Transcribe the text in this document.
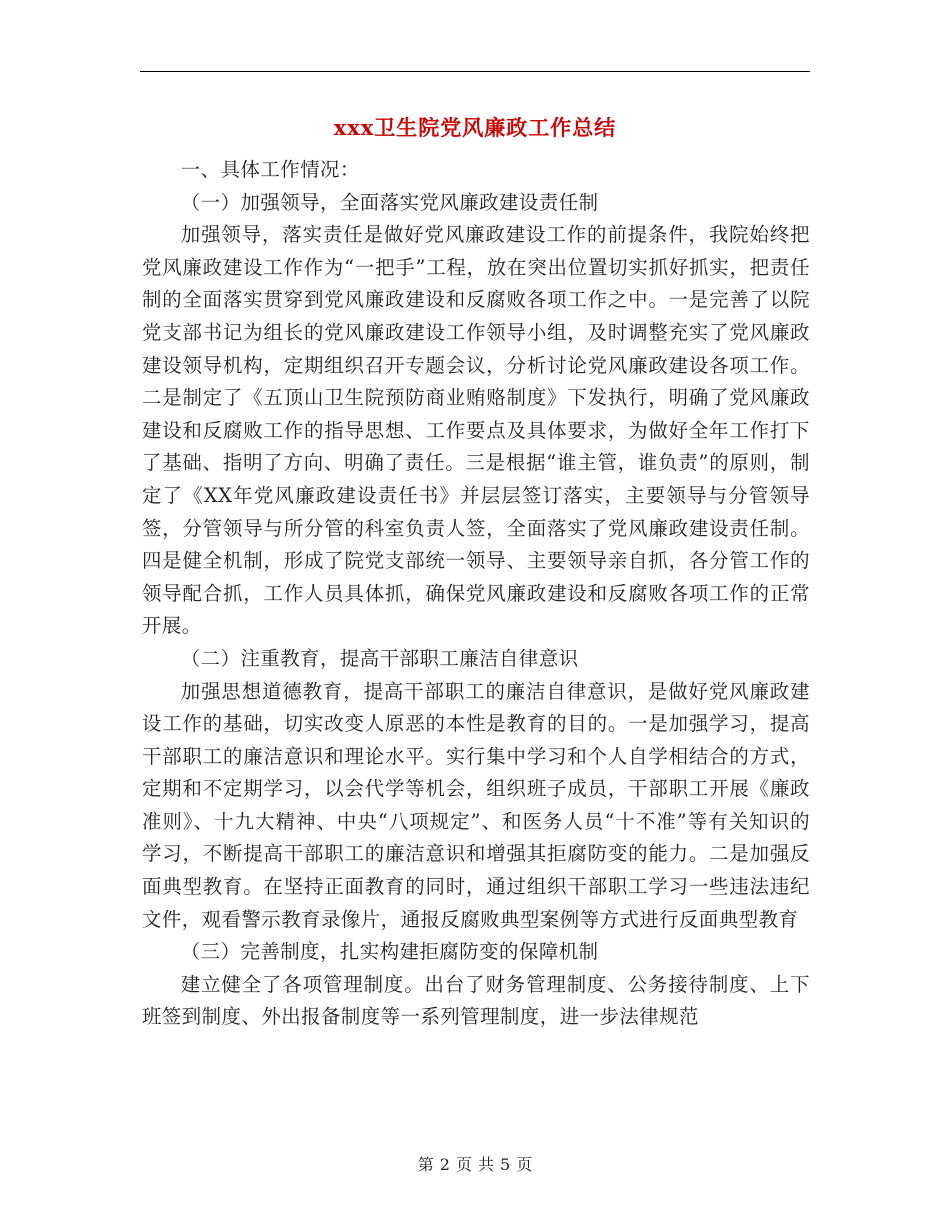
xxx卫生院党风廉政工作总结

一、具体工作情况：

（一）加强领导，全面落实党风廉政建设责任制

加强领导，落实责任是做好党风廉政建设工作的前提条件，我院始终把党风廉政建设工作作为“一把手”工程，放在突出位置切实抓好抓实，把责任制的全面落实贯穿到党风廉政建设和反腐败各项工作之中。一是完善了以院党支部书记为组长的党风廉政建设工作领导小组，及时调整充实了党风廉政建设领导机构，定期组织召开专题会议，分析讨论党风廉政建设各项工作。二是制定了《五顶山卫生院预防商业贿赂制度》下发执行，明确了党风廉政建设和反腐败工作的指导思想、工作要点及具体要求，为做好全年工作打下了基础、指明了方向、明确了责任。三是根据“谁主管，谁负责”的原则，制定了《XX年党风廉政建设责任书》并层层签订落实，主要领导与分管领导签，分管领导与所分管的科室负责人签，全面落实了党风廉政建设责任制。四是健全机制，形成了院党支部统一领导、主要领导亲自抓，各分管工作的领导配合抓，工作人员具体抓，确保党风廉政建设和反腐败各项工作的正常开展。

（二）注重教育，提高干部职工廉洁自律意识

加强思想道德教育，提高干部职工的廉洁自律意识，是做好党风廉政建设工作的基础，切实改变人原恶的本性是教育的目的。一是加强学习，提高干部职工的廉洁意识和理论水平。实行集中学习和个人自学相结合的方式，定期和不定期学习，以会代学等机会，组织班子成员，干部职工开展《廉政准则》、十九大精神、中央“八项规定”、和医务人员“十不准”等有关知识的学习，不断提高干部职工的廉洁意识和增强其拒腐防变的能力。二是加强反面典型教育。在坚持正面教育的同时，通过组织干部职工学习一些违法违纪文件，观看警示教育录像片，通报反腐败典型案例等方式进行反面典型教育

（三）完善制度，扎实构建拒腐防变的保障机制

建立健全了各项管理制度。出台了财务管理制度、公务接待制度、上下班签到制度、外出报备制度等一系列管理制度，进一步法律规范

第 2 页 共 5 页
